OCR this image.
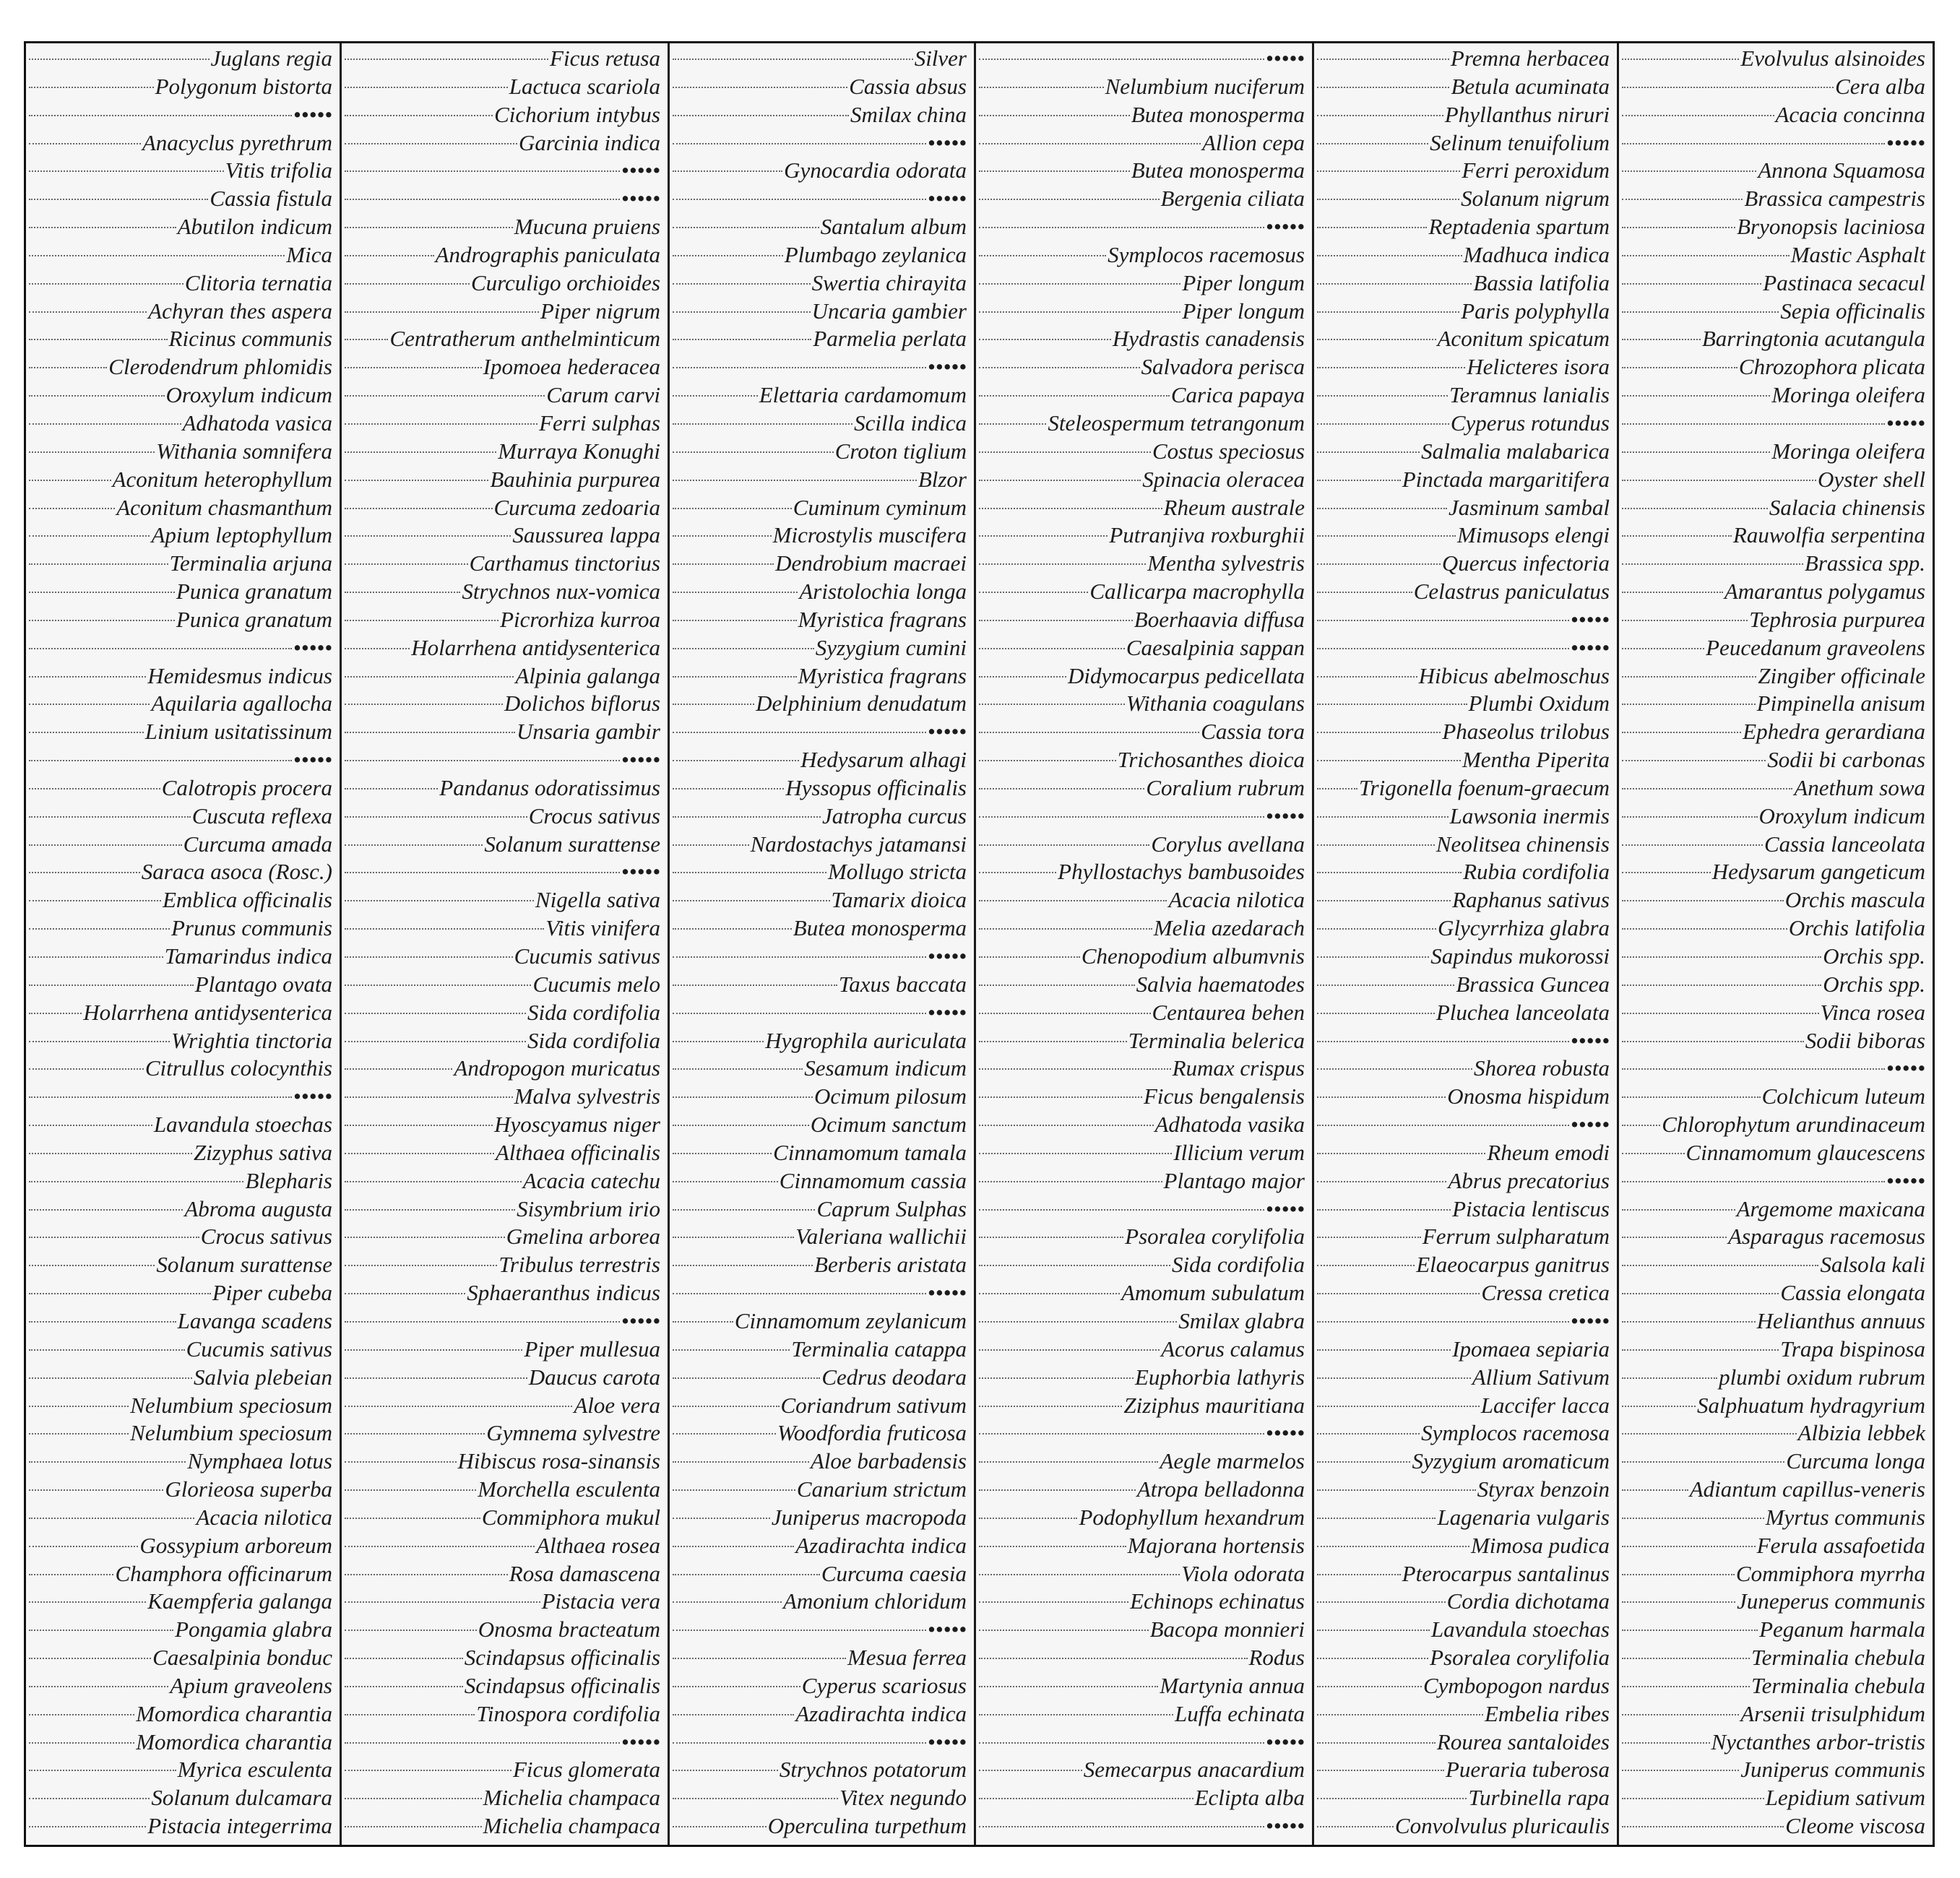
Juglans regia
Polygonum bistorta
•••••
Anacyclus pyrethrum
Vitis trifolia
Cassia fistula
Abutilon indicum
Mica
Clitoria ternatia
Achyran thes aspera
Ricinus communis
Clerodendrum phlomidis
Oroxylum indicum
Adhatoda vasica
Withania somnifera
Aconitum heterophyllum
Aconitum chasmanthum
Apium leptophyllum
Terminalia arjuna
Punica granatum
Punica granatum
•••••
Hemidesmus indicus
Aquilaria agallocha
Linium usitatissinum
•••••
Calotropis procera
Cuscuta reflexa
Curcuma amada
Saraca asoca (Rosc.)
Emblica officinalis
Prunus communis
Tamarindus indica
Plantago ovata
Holarrhena antidysenterica
Wrightia tinctoria
Citrullus colocynthis
•••••
Lavandula stoechas
Zizyphus sativa
Blepharis
Abroma augusta
Crocus sativus
Solanum surattense
Piper cubeba
Lavanga scadens
Cucumis sativus
Salvia plebeian
Nelumbium speciosum
Nelumbium speciosum
Nymphaea lotus
Glorieosa superba
Acacia nilotica
Gossypium arboreum
Champhora officinarum
Kaempferia galanga
Pongamia glabra
Caesalpinia bonduc
Apium graveolens
Momordica charantia
Momordica charantia
Myrica esculenta
Solanum dulcamara
Pistacia integerrima
Ficus retusa
Lactuca scariola
Cichorium intybus
Garcinia indica
•••••
•••••
Mucuna pruiens
Andrographis paniculata
Curculigo orchioides
Piper nigrum
Centratherum anthelminticum
Ipomoea hederacea
Carum carvi
Ferri sulphas
Murraya Konughi
Bauhinia purpurea
Curcuma zedoaria
Saussurea lappa
Carthamus tinctorius
Strychnos nux-vomica
Picrorhiza kurroa
Holarrhena antidysenterica
Alpinia galanga
Dolichos biflorus
Unsaria gambir
•••••
Pandanus odoratissimus
Crocus sativus
Solanum surattense
•••••
Nigella sativa
Vitis vinifera
Cucumis sativus
Cucumis melo
Sida cordifolia
Sida cordifolia
Andropogon muricatus
Malva sylvestris
Hyoscyamus niger
Althaea officinalis
Acacia catechu
Sisymbrium irio
Gmelina arborea
Tribulus terrestris
Sphaeranthus indicus
•••••
Piper mullesua
Daucus carota
Aloe vera
Gymnema sylvestre
Hibiscus rosa-sinansis
Morchella esculenta
Commiphora mukul
Althaea rosea
Rosa damascena
Pistacia vera
Onosma bracteatum
Scindapsus officinalis
Scindapsus officinalis
Tinospora cordifolia
•••••
Ficus glomerata
Michelia champaca
Michelia champaca
Silver
Cassia absus
Smilax china
•••••
Gynocardia odorata
•••••
Santalum album
Plumbago zeylanica
Swertia chirayita
Uncaria gambier
Parmelia perlata
•••••
Elettaria cardamomum
Scilla indica
Croton tiglium
Blzor
Cuminum cyminum
Microstylis muscifera
Dendrobium macraei
Aristolochia longa
Myristica fragrans
Syzygium cumini
Myristica fragrans
Delphinium denudatum
•••••
Hedysarum alhagi
Hyssopus officinalis
Jatropha curcus
Nardostachys jatamansi
Mollugo stricta
Tamarix dioica
Butea monosperma
•••••
Taxus baccata
•••••
Hygrophila auriculata
Sesamum indicum
Ocimum pilosum
Ocimum sanctum
Cinnamomum tamala
Cinnamomum cassia
Caprum Sulphas
Valeriana wallichii
Berberis aristata
•••••
Cinnamomum zeylanicum
Terminalia catappa
Cedrus deodara
Coriandrum sativum
Woodfordia fruticosa
Aloe barbadensis
Canarium strictum
Juniperus macropoda
Azadirachta indica
Curcuma caesia
Amonium chloridum
•••••
Mesua ferrea
Cyperus scariosus
Azadirachta indica
•••••
Strychnos potatorum
Vitex negundo
Operculina turpethum
•••••
Nelumbium nuciferum
Butea monosperma
Allion cepa
Butea monosperma
Bergenia ciliata
•••••
Symplocos racemosus
Piper longum
Piper longum
Hydrastis canadensis
Salvadora perisca
Carica papaya
Steleospermum tetrangonum
Costus speciosus
Spinacia oleracea
Rheum australe
Putranjiva roxburghii
Mentha sylvestris
Callicarpa macrophylla
Boerhaavia diffusa
Caesalpinia sappan
Didymocarpus pedicellata
Withania coagulans
Cassia tora
Trichosanthes dioica
Coralium rubrum
•••••
Corylus avellana
Phyllostachys bambusoides
Acacia nilotica
Melia azedarach
Chenopodium albumvnis
Salvia haematodes
Centaurea behen
Terminalia belerica
Rumax crispus
Ficus bengalensis
Adhatoda vasika
Illicium verum
Plantago major
•••••
Psoralea corylifolia
Sida cordifolia
Amomum subulatum
Smilax glabra
Acorus calamus
Euphorbia lathyris
Ziziphus mauritiana
•••••
Aegle marmelos
Atropa belladonna
Podophyllum hexandrum
Majorana hortensis
Viola odorata
Echinops echinatus
Bacopa monnieri
Rodus
Martynia annua
Luffa echinata
•••••
Semecarpus anacardium
Eclipta alba
•••••
Premna herbacea
Betula acuminata
Phyllanthus niruri
Selinum tenuifolium
Ferri peroxidum
Solanum nigrum
Reptadenia spartum
Madhuca indica
Bassia latifolia
Paris polyphylla
Aconitum spicatum
Helicteres isora
Teramnus lanialis
Cyperus rotundus
Salmalia malabarica
Pinctada margaritifera
Jasminum sambal
Mimusops elengi
Quercus infectoria
Celastrus paniculatus
•••••
•••••
Hibicus abelmoschus
Plumbi Oxidum
Phaseolus trilobus
Mentha Piperita
Trigonella foenum-graecum
Lawsonia inermis
Neolitsea chinensis
Rubia cordifolia
Raphanus sativus
Glycyrrhiza glabra
Sapindus mukorossi
Brassica Guncea
Pluchea lanceolata
•••••
Shorea robusta
Onosma hispidum
•••••
Rheum emodi
Abrus precatorius
Pistacia lentiscus
Ferrum sulpharatum
Elaeocarpus ganitrus
Cressa cretica
•••••
Ipomaea sepiaria
Allium Sativum
Laccifer lacca
Symplocos racemosa
Syzygium aromaticum
Styrax benzoin
Lagenaria vulgaris
Mimosa pudica
Pterocarpus santalinus
Cordia dichotama
Lavandula stoechas
Psoralea corylifolia
Cymbopogon nardus
Embelia ribes
Rourea santaloides
Pueraria tuberosa
Turbinella rapa
Convolvulus pluricaulis
Evolvulus alsinoides
Cera alba
Acacia concinna
•••••
Annona Squamosa
Brassica campestris
Bryonopsis laciniosa
Mastic Asphalt
Pastinaca secacul
Sepia officinalis
Barringtonia acutangula
Chrozophora plicata
Moringa oleifera
•••••
Moringa oleifera
Oyster shell
Salacia chinensis
Rauwolfia serpentina
Brassica spp.
Amarantus polygamus
Tephrosia purpurea
Peucedanum graveolens
Zingiber officinale
Pimpinella anisum
Ephedra gerardiana
Sodii bi carbonas
Anethum sowa
Oroxylum indicum
Cassia lanceolata
Hedysarum gangeticum
Orchis mascula
Orchis latifolia
Orchis spp.
Orchis spp.
Vinca rosea
Sodii biboras
•••••
Colchicum luteum
Chlorophytum arundinaceum
Cinnamomum glaucescens
•••••
Argemome maxicana
Asparagus racemosus
Salsola kali
Cassia elongata
Helianthus annuus
Trapa bispinosa
plumbi oxidum rubrum
Salphuatum hydragyrium
Albizia lebbek
Curcuma longa
Adiantum capillus-veneris
Myrtus communis
Ferula assafoetida
Commiphora myrrha
Juneperus communis
Peganum harmala
Terminalia chebula
Terminalia chebula
Arsenii trisulphidum
Nyctanthes arbor-tristis
Juniperus communis
Lepidium sativum
Cleome viscosa
